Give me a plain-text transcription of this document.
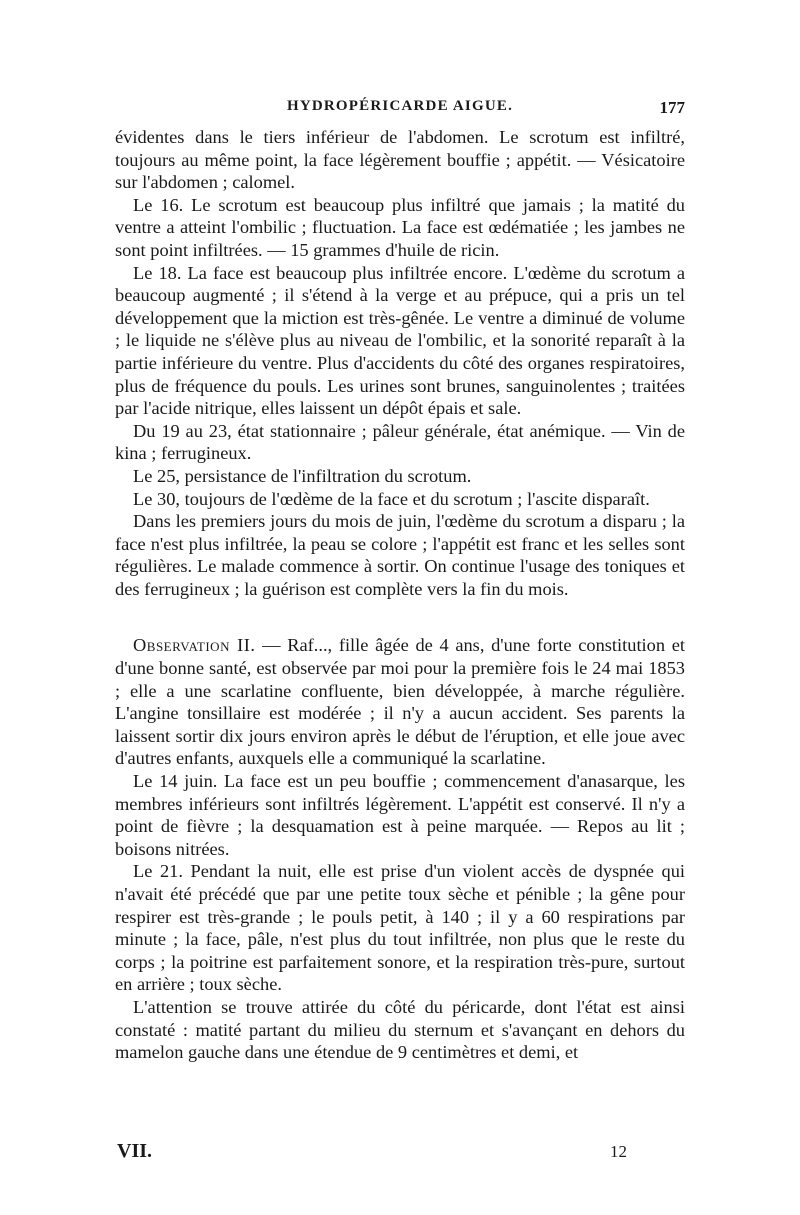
HYDROPÉRICARDE AIGUE.	177

évidentes dans le tiers inférieur de l'abdomen. Le scrotum est infiltré, toujours au même point, la face légèrement bouffie ; appétit. — Vésicatoire sur l'abdomen ; calomel.

Le 16. Le scrotum est beaucoup plus infiltré que jamais ; la matité du ventre a atteint l'ombilic ; fluctuation. La face est œdématiée ; les jambes ne sont point infiltrées. — 15 grammes d'huile de ricin.

Le 18. La face est beaucoup plus infiltrée encore. L'œdème du scrotum a beaucoup augmenté ; il s'étend à la verge et au prépuce, qui a pris un tel développement que la miction est très-gênée. Le ventre a diminué de volume ; le liquide ne s'élève plus au niveau de l'ombilic, et la sonorité reparaît à la partie inférieure du ventre. Plus d'accidents du côté des organes respiratoires, plus de fréquence du pouls. Les urines sont brunes, sanguinolentes ; traitées par l'acide nitrique, elles laissent un dépôt épais et sale.

Du 19 au 23, état stationnaire ; pâleur générale, état anémique. — Vin de kina ; ferrugineux.

Le 25, persistance de l'infiltration du scrotum.

Le 30, toujours de l'œdème de la face et du scrotum ; l'ascite disparaît.

Dans les premiers jours du mois de juin, l'œdème du scrotum a disparu ; la face n'est plus infiltrée, la peau se colore ; l'appétit est franc et les selles sont régulières. Le malade commence à sortir. On continue l'usage des toniques et des ferrugineux ; la guérison est complète vers la fin du mois.

Observation II. — Raf..., fille âgée de 4 ans, d'une forte constitution et d'une bonne santé, est observée par moi pour la première fois le 24 mai 1853 ; elle a une scarlatine confluente, bien développée, à marche régulière. L'angine tonsillaire est modérée ; il n'y a aucun accident. Ses parents la laissent sortir dix jours environ après le début de l'éruption, et elle joue avec d'autres enfants, auxquels elle a communiqué la scarlatine.

Le 14 juin. La face est un peu bouffie ; commencement d'anasarque, les membres inférieurs sont infiltrés légèrement. L'appétit est conservé. Il n'y a point de fièvre ; la desquamation est à peine marquée. — Repos au lit ; boisons nitrées.

Le 21. Pendant la nuit, elle est prise d'un violent accès de dyspnée qui n'avait été précédé que par une petite toux sèche et pénible ; la gêne pour respirer est très-grande ; le pouls petit, à 140 ; il y a 60 respirations par minute ; la face, pâle, n'est plus du tout infiltrée, non plus que le reste du corps ; la poitrine est parfaitement sonore, et la respiration très-pure, surtout en arrière ; toux sèche.

L'attention se trouve attirée du côté du péricarde, dont l'état est ainsi constaté : matité partant du milieu du sternum et s'avançant en dehors du mamelon gauche dans une étendue de 9 centimètres et demi, et

VII.	12
